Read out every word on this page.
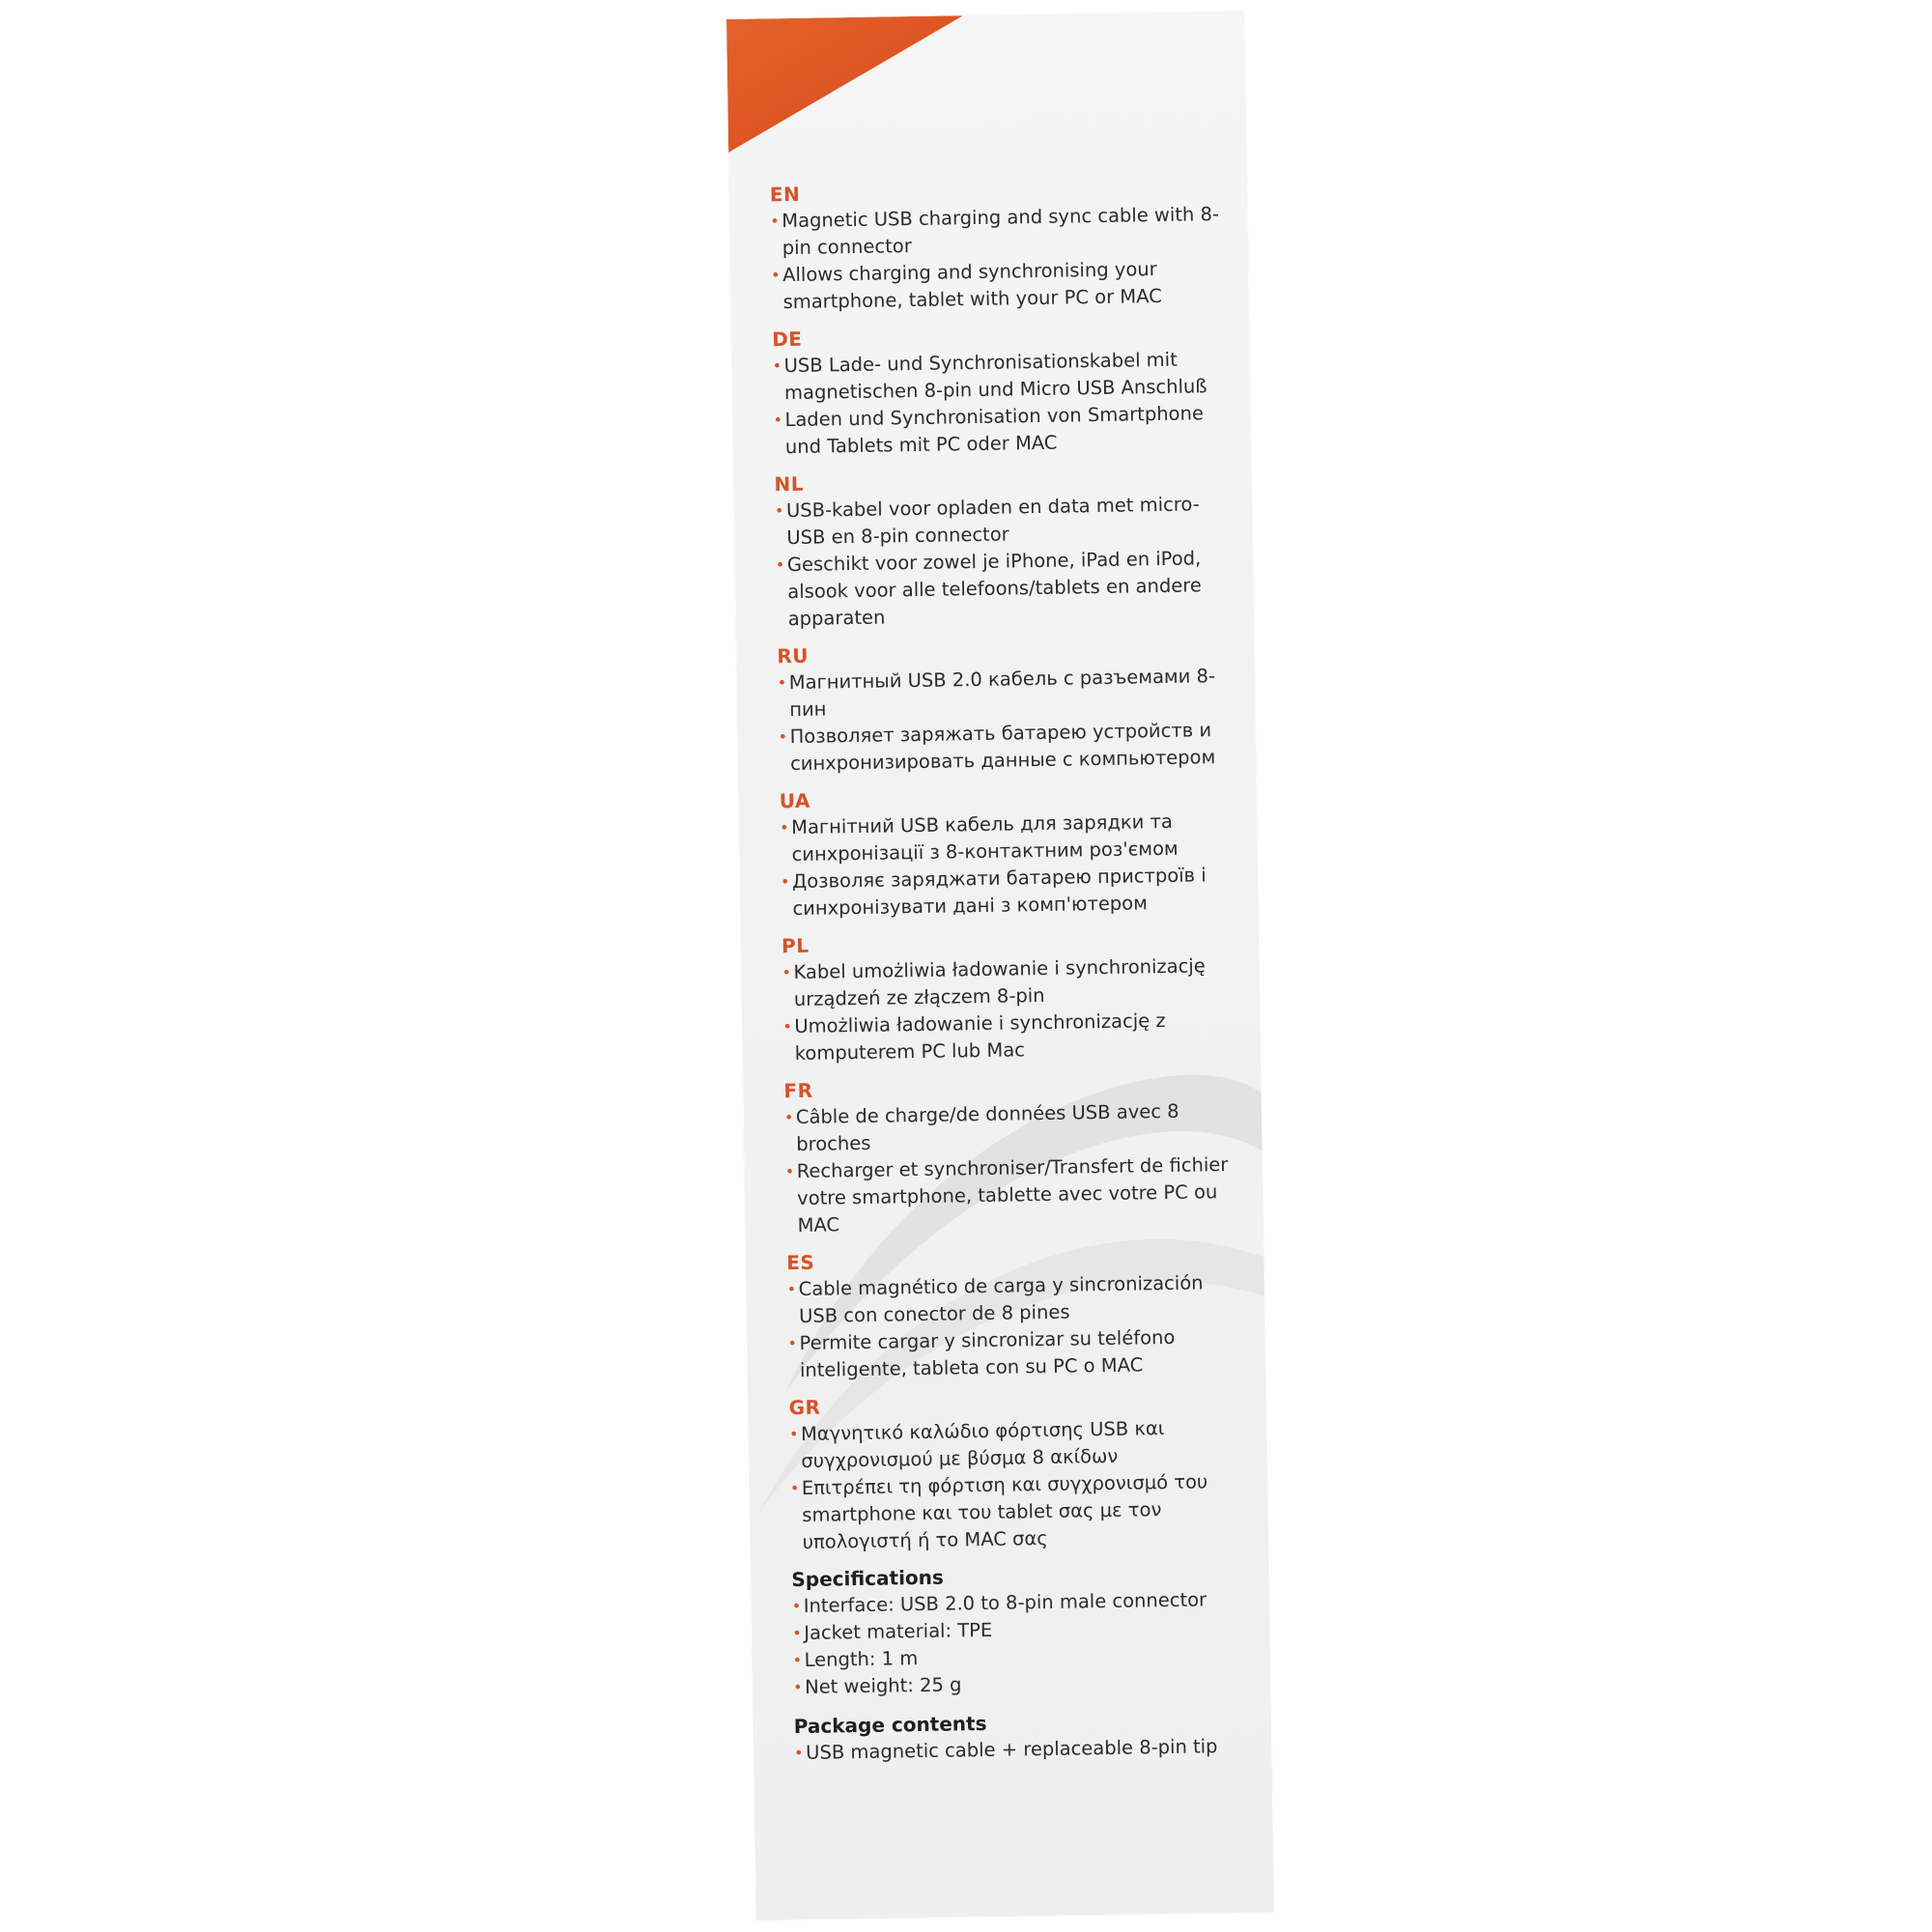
EN
• Magnetic USB charging and sync cable with 8-pin connector
• Allows charging and synchronising your smartphone, tablet with your PC or MAC
DE
• USB Lade- und Synchronisationskabel mit magnetischen 8-pin und Micro USB Anschluß
• Laden und Synchronisation von Smartphone und Tablets mit PC oder MAC
NL
• USB-kabel voor opladen en data met micro-USB en 8-pin connector
• Geschikt voor zowel je iPhone, iPad en iPod, alsook voor alle telefoons/tablets en andere apparaten
RU
• Магнитный USB 2.0 кабель с разъемами 8-пин
• Позволяет заряжать батарею устройств и синхронизировать данные с компьютером
UA
• Магнітний USB кабель для зарядки та синхронізації з 8-контактним роз'ємом
• Дозволяє заряджати батарею пристроїв і синхронізувати дані з комп'ютером
PL
• Kabel umożliwia ładowanie i synchronizację urządzeń ze złączem 8-pin
• Umożliwia ładowanie i synchronizację z komputerem PC lub Mac
FR
• Câble de charge/de données USB avec 8 broches
• Recharger et synchroniser/Transfert de fichier votre smartphone, tablette avec votre PC ou MAC
ES
• Cable magnético de carga y sincronización USB con conector de 8 pines
• Permite cargar y sincronizar su teléfono inteligente, tableta con su PC o MAC
GR
• Μαγνητικό καλώδιο φόρτισης USB και συγχρονισμού με βύσμα 8 ακίδων
• Επιτρέπει τη φόρτιση και συγχρονισμό του smartphone και του tablet σας με τον υπολογιστή ή το MAC σας
Specifications
• Interface: USB 2.0 to 8-pin male connector
• Jacket material: TPE
• Length: 1 m
• Net weight: 25 g
Package contents
• USB magnetic cable + replaceable 8-pin tip
